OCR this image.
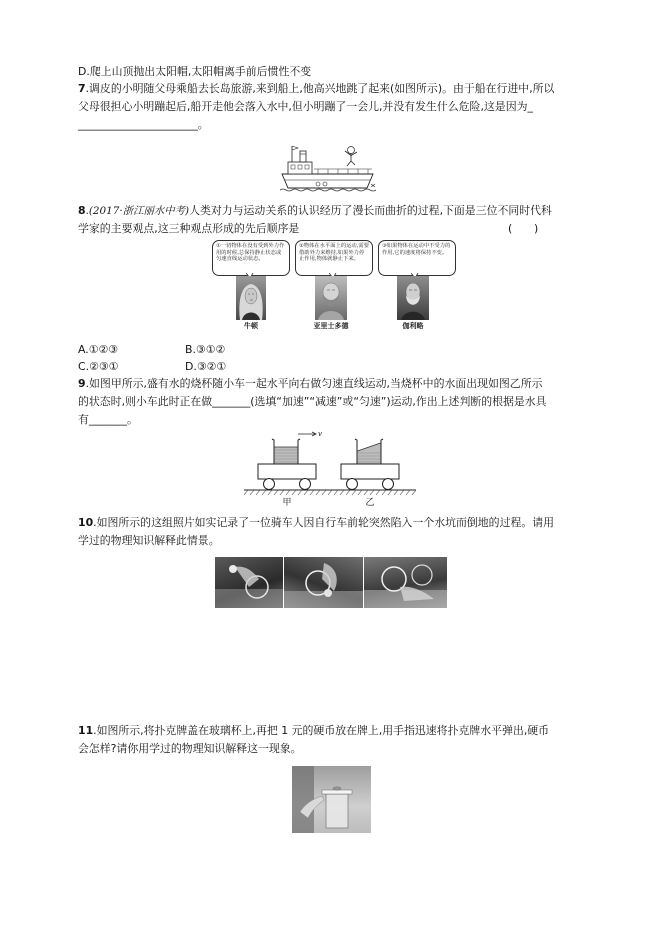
D.爬上山顶抛出太阳帽,太阳帽离手前后惯性不变
7.调皮的小明随父母乘船去长岛旅游,来到船上,他高兴地跳了起来(如图所示)。由于船在行进中,所以
父母很担心小明蹦起后,船开走他会落入水中,但小明蹦了一会儿,并没有发生什么危险,这是因为_
______________________。
8.(2017·浙江丽水中考)人类对力与运动关系的认识经历了漫长而曲折的过程,下面是三位不同时代科
学家的主要观点,这三种观点形成的先后顺序是	(　　)
①一切物体在没有受到外力作用的时候,总保持静止状态或匀速直线运动状态。
②物体在水平面上的运动,需要借助外力来维持,如果外力停止作用,物体就静止下来。
③如果物体在运动中不受力的作用,它的速度将保持不变。
牛顿	亚里士多德	伽利略
A.①②③	B.③①②
C.②③①	D.③②①
9.如图甲所示,盛有水的烧杯随小车一起水平向右做匀速直线运动,当烧杯中的水面出现如图乙所示
的状态时,则小车此时正在做_______(选填“加速”“减速”或“匀速”)运动,作出上述判断的根据是水具
有_______。
v
甲	乙
10.如图所示的这组照片如实记录了一位骑车人因自行车前轮突然陷入一个水坑而倒地的过程。请用
学过的物理知识解释此情景。
11.如图所示,将扑克牌盖在玻璃杯上,再把 1 元的硬币放在牌上,用手指迅速将扑克牌水平弹出,硬币
会怎样?请你用学过的物理知识解释这一现象。
